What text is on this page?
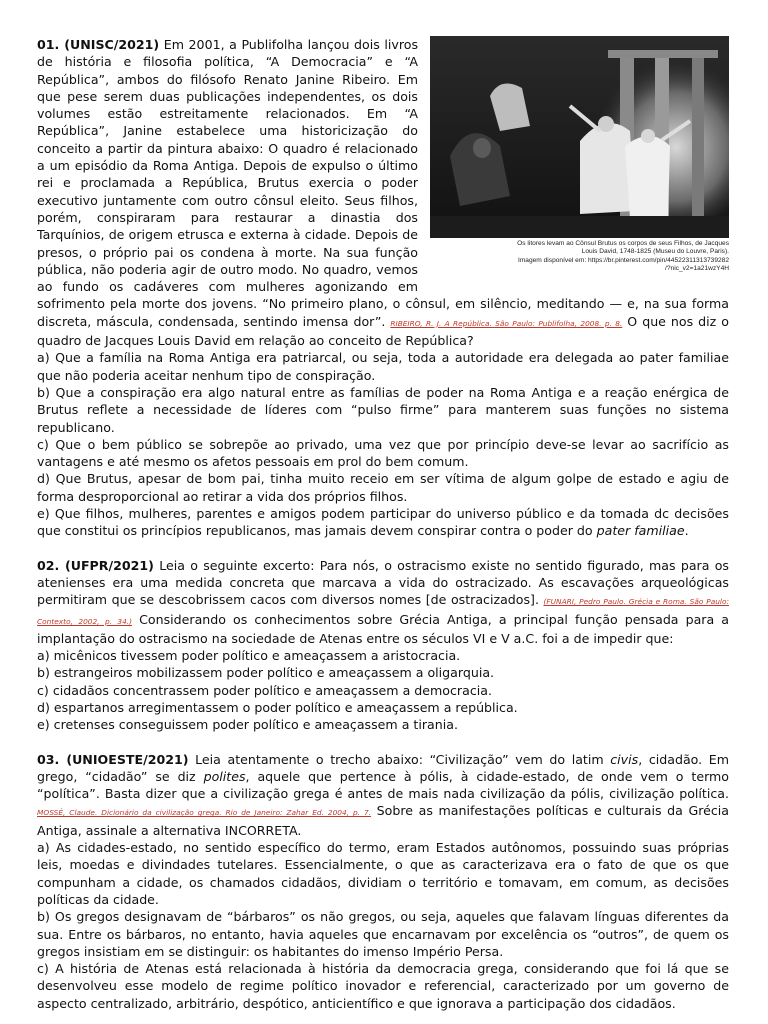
Os litores levam ao Cônsul Brutus os corpos de seus Filhos, de Jacques
Louis David, 1748-1825 (Museu do Louvre, Paris).
Imagem disponível em: https://br.pinterest.com/pin/445223113137392​82
/?nic_v2=1a21wzY4H

01. (UNISC/2021) Em 2001, a Publifolha lançou dois livros de história e filosofia política, “A Democracia” e “A República”, ambos do filósofo Renato Janine Ribeiro. Em que pese serem duas publicações independentes, os dois volumes estão estreitamente relacionados. Em “A República”, Janine estabelece uma historicização do conceito a partir da pintura abaixo: O quadro é relacionado a um episódio da Roma Antiga. Depois de expulso o último rei e proclamada a República, Brutus exercia o poder executivo juntamente com outro cônsul eleito. Seus filhos, porém, conspiraram para restaurar a dinastia dos Tarquínios, de origem etrusca e externa à cidade. Depois de presos, o próprio pai os condena à morte. Na sua função pública, não poderia agir de outro modo. No quadro, vemos ao fundo os cadáveres com mulheres agonizando em sofrimento pela morte dos jovens. “No primeiro plano, o cônsul, em silêncio, meditando — e, na sua forma discreta, máscula, condensada, sentindo imensa dor”. RIBEIRO, R. J. A República. São Paulo: Publifolha, 2008. p. 8. O que nos diz o quadro de Jacques Louis David em relação ao conceito de República?

a) Que a família na Roma Antiga era patriarcal, ou seja, toda a autoridade era delegada ao pater familiae que não poderia aceitar nenhum tipo de conspiração.

b) Que a conspiração era algo natural entre as famílias de poder na Roma Antiga e a reação enérgica de Brutus reflete a necessidade de líderes com “pulso firme” para manterem suas funções no sistema republicano.

c) Que o bem público se sobrepõe ao privado, uma vez que por princípio deve-se levar ao sacrifício as vantagens e até mesmo os afetos pessoais em prol do bem comum.

d) Que Brutus, apesar de bom pai, tinha muito receio em ser vítima de algum golpe de estado e agiu de forma desproporcional ao retirar a vida dos próprios filhos.

e) Que filhos, mulheres, parentes e amigos podem participar do universo público e da tomada dc decisões que constitui os princípios republicanos, mas jamais devem conspirar contra o poder do pater familiae.

02. (UFPR/2021) Leia o seguinte excerto: Para nós, o ostracismo existe no sentido figurado, mas para os atenienses era uma medida concreta que marcava a vida do ostracizado. As escavações arqueológicas permitiram que se descobrissem cacos com diversos nomes [de ostracizados]. (FUNARI, Pedro Paulo. Grécia e Roma. São Paulo: Contexto, 2002, p. 34.) Considerando os conhecimentos sobre Grécia Antiga, a principal função pensada para a implantação do ostracismo na sociedade de Atenas entre os séculos VI e V a.C. foi a de impedir que:

a) micênicos tivessem poder político e ameaçassem a aristocracia.

b) estrangeiros mobilizassem poder político e ameaçassem a oligarquia.

c) cidadãos concentrassem poder político e ameaçassem a democracia.

d) espartanos arregimentassem o poder político e ameaçassem a república.

e) cretenses conseguissem poder político e ameaçassem a tirania.

03. (UNIOESTE/2021) Leia atentamente o trecho abaixo: “Civilização” vem do latim civis, cidadão. Em grego, “cidadão” se diz polites, aquele que pertence à pólis, à cidade-estado, de onde vem o termo “política”. Basta dizer que a civilização grega é antes de mais nada civilização da pólis, civilização política. MOSSÉ, Claude. Dicionário da civilização grega. Rio de Janeiro: Zahar Ed. 2004, p. 7. Sobre as manifestações políticas e culturais da Grécia Antiga, assinale a alternativa INCORRETA.

a) As cidades-estado, no sentido específico do termo, eram Estados autônomos, possuindo suas próprias leis, moedas e divindades tutelares. Essencialmente, o que as caracterizava era o fato de que os que compunham a cidade, os chamados cidadãos, dividiam o território e tomavam, em comum, as decisões políticas da cidade.

b) Os gregos designavam de “bárbaros” os não gregos, ou seja, aqueles que falavam línguas diferentes da sua. Entre os bárbaros, no entanto, havia aqueles que encarnavam por excelência os “outros”, de quem os gregos insistiam em se distinguir: os habitantes do imenso Império Persa.

c) A história de Atenas está relacionada à história da democracia grega, considerando que foi lá que se desenvolveu esse modelo de regime político inovador e referencial, caracterizado por um governo de aspecto centralizado, arbitrário, despótico, anticientífico e que ignorava a participação dos cidadãos.
